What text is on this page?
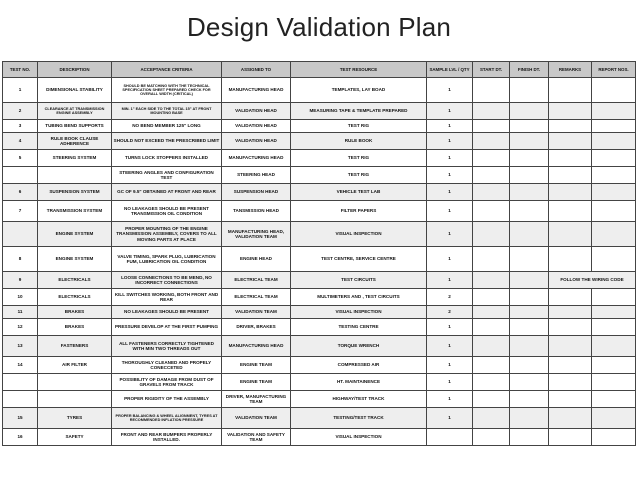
Design Validation Plan
TEST NO.	DESCRIPTION	ACCEPTANCE CRITERIA	ASSIGNED TO	TEST RESOURCE	SAMPLE LVL / QTY	START DT.	FINISH DT.	REMARKS	REPORT NOS.
1	DIMENSIONAL STABILITY	SHOULD BE MATCHING WITH THE TECHNICAL SPECIFICATION SHEET PREPARED CHECK FOR OVERALL WIDTH (CRITICAL)	MANUFACTURING HEAD	TEMPLATES, LAY BOAD	1				
2	CLEARANCE AT TRANSMISSION ENGINE ASSEMBLY	MIN. 1" EACH SIDE TO THE TOTAL 15" AT FRONT MOUNTING BASE	VALIDATION HEAD	MEASURING TAPE & TEMPLATE PREPARED	1				
3	TUBING BEND SUPPORTS	NO BEND MEMBER 125" LONG	VALIDATION HEAD	TEST RIG	1				
4	RULE BOOK CLAUSE ADHERENCE	SHOULD NOT EXCEED THE PRESCRIBED LIMIT	VALIDATION HEAD	RULE BOOK	1				
5	STEERING SYSTEM	TURNS LOCK STOPPERS INSTALLED	MANUFACTURING HEAD	TEST RIG	1				
		STEERING ANGLES AND CONFIGURATION TEST	STEERING HEAD	TEST RIG	1				
6	SUSPENSION SYSTEM	GC OF 9.5" OBTAINED AT FRONT AND REAR	SUSPENSION HEAD	VEHICLE TEST LAB	1				
7	TRANSMISSION SYSTEM	NO LEAKAGES SHOULD BE PRESENT TRANSMISSION OIL CONDITION	TANSMISSION HEAD	FILTER PAPERS	1				
	ENGINE SYSTEM	PROPER MOUNTING OF THE ENGINE TRANSMISSION ASSEMBLY, COVERS TO ALL MOVING PARTS AT PLACE	MANUFACTURING HEAD, VALIDATION TEAM	VISUAL INSPECTION	1				
8	ENGINE SYSTEM	VALVE TIMING, SPARK PLUG, LUBRICATION FUM, LUBRICATION OIL CONDITION	ENGINE HEAD	TEST CENTRE, SERVICE CENTRE	1				
9	ELECTRICALS	LOOSE CONNECTIONS TO BE MEND, NO INCORRECT CONNECTIONS	ELECTRICAL TEAM	TEST CIRCUITS	1			FOLLOW THE WIRING CODE	
10	ELECTRICALS	KILL SWITCHES WORKING, BOTH FRONT AND REAR	ELECTRICAL TEAM	MULTIMETERS AND , TEST CIRCUITS	2				
11	BRAKES	NO LEAKAGES SHOULD BE PRESENT	VALIDATION TEAM	VISUAL INSPECTION	2				
12	BRAKES	PRESSURE DEVELOP AT THE FIRST PUMPING	DRIVER, BRAKES	TESTING CENTRE	1				
13	FASTENERS	ALL FASTENERS CORRECTLY TIGHTENED WITH MIN TWO THREADS OUT	MANUFACTURING HEAD	TORQUE WRENCH	1				
14	AIR FILTER	THOROUGHLY CLEANED AND PROPELY CONECCETED	ENGINE TEAM	COMPRESSED AIR	1				
		POSSIBILITY OF DAMAGE FROM DUST OF GRAVELS FROM TRACK	ENGINE TEAM	HT. MAINTAINENCE	1				
		PROPER RIGIDITY OF THE ASSEMBLY	DRIVER, MANUFACTURING TEAM	HIGHWAY/TEST TRACK	1				
15	TYRES	PROPER BALANCING & WHEEL ALIGNMENT, TYRES AT RECOMMENDED INFLATION PRESSURE	VALIDATION TEAM	TESTING/TEST TRACK	1				
16	SAFETY	FRONT AND REAR BUMPERS PROPERLY INSTALLED.	VALIDATION AND SAFETY TEAM	VISUAL INSPECTION					
